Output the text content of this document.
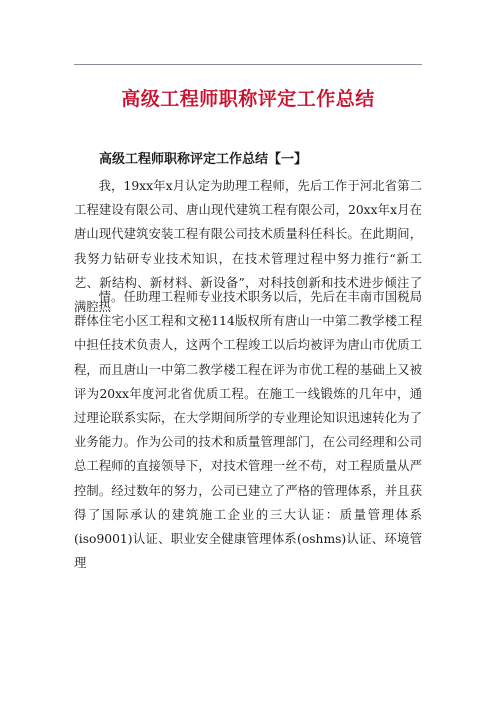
高级工程师职称评定工作总结
高级工程师职称评定工作总结【一】

我，19xx年x月认定为助理工程师，先后工作于河北省第二工程建设有限公司、唐山现代建筑工程有限公司，20xx年x月在唐山现代建筑安装工程有限公司技术质量科任科长。在此期间，我努力钻研专业技术知识，在技术管理过程中努力推行“新工艺、新结构、新材料、新设备”，对科技创新和技术进步倾注了满腔热

情。任助理工程师专业技术职务以后，先后在丰南市国税局群体住宅小区工程和文秘114版权所有唐山一中第二教学楼工程中担任技术负责人，这两个工程竣工以后均被评为唐山市优质工程，而且唐山一中第二教学楼工程在评为市优工程的基础上又被评为20xx年度河北省优质工程。在施工一线锻炼的几年中，通过理论联系实际，在大学期间所学的专业理论知识迅速转化为了业务能力。作为公司的技术和质量管理部门，在公司经理和公司总工程师的直接领导下，对技术管理一丝不苟，对工程质量从严控制。经过数年的努力，公司已建立了严格的管理体系，并且获得了国际承认的建筑施工企业的三大认证：质量管理体系(iso9001)认证、职业安全健康管理体系(oshms)认证、环境管理
